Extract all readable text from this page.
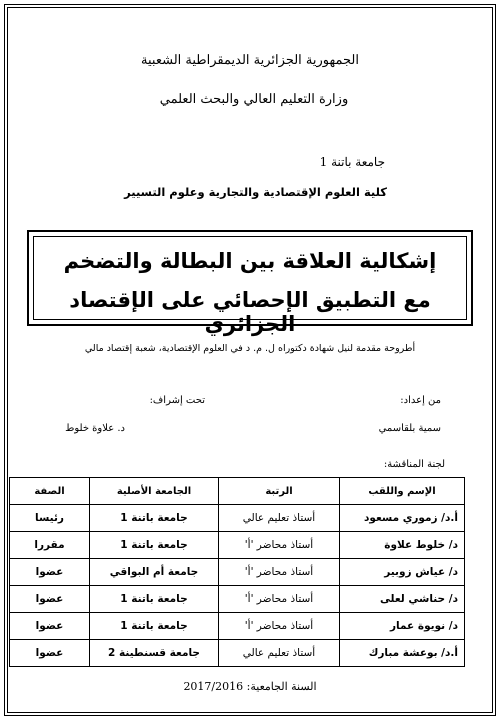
الجمهورية الجزائرية الديمقراطية الشعبية
وزارة التعليم العالي والبحث العلمي
جامعة باتنة 1
كلية العلوم الإقتصادية والتجارية وعلوم التسيير
إشكالية العلاقة بين البطالة والتضخم
مع التطبيق الإحصائي على الإقتصاد الجزائري
أطروحة مقدمة لنيل شهادة دكتوراه ل. م. د في العلوم الإقتصادية، شعبة إقتصاد مالي
من إعداد:
تحت إشراف:
سمية بلقاسمي
د. علاوة خلوط
لجنة المناقشة:
الإسم واللقب	الرتبة	الجامعة الأصلية	الصفة
أ.د/ زموري مسعود	أستاذ تعليم عالي	جامعة باتنة 1	رئيسا
د/ خلوط علاوة	أستاذ محاضر 'أ'	جامعة باتنة 1	مقررا
د/ عياش زوبير	أستاذ محاضر 'أ'	جامعة أم البواقي	عضوا
د/ حناشي لعلى	أستاذ محاضر 'أ'	جامعة باتنة 1	عضوا
د/ نويوة عمار	أستاذ محاضر 'أ'	جامعة باتنة 1	عضوا
أ.د/ بوعشة مبارك	أستاذ تعليم عالي	جامعة قسنطينة 2	عضوا
السنة الجامعية: 2017/2016
